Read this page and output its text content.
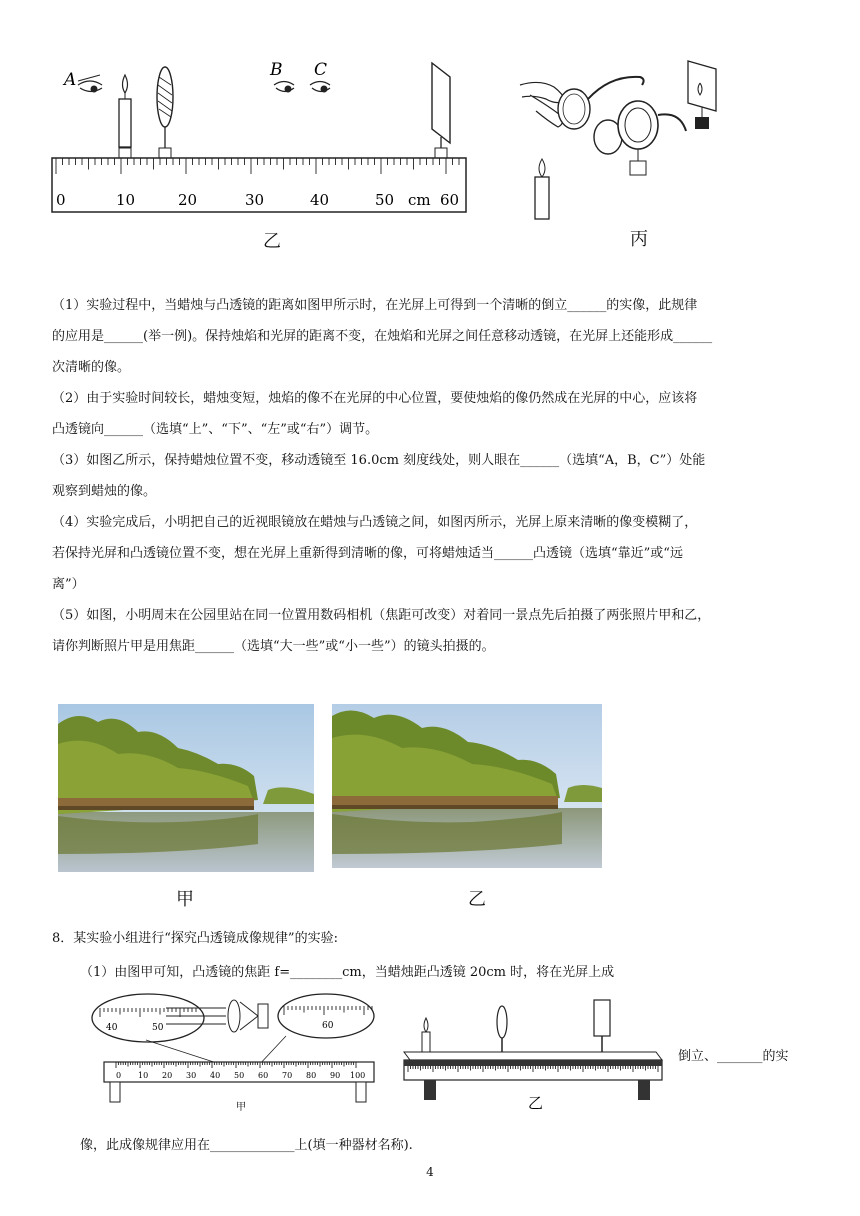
A	B C
0	10	20	30	40	50 cm 60
乙	丙
（1）实验过程中，当蜡烛与凸透镜的距离如图甲所示时，在光屏上可得到一个清晰的倒立______的实像，此规律
的应用是______(举一例)。保持烛焰和光屏的距离不变，在烛焰和光屏之间任意移动透镜，在光屏上还能形成______
次清晰的像。
（2）由于实验时间较长，蜡烛变短，烛焰的像不在光屏的中心位置，要使烛焰的像仍然成在光屏的中心，应该将
凸透镜向______（选填“上”、“下”、“左”或“右”）调节。
（3）如图乙所示，保持蜡烛位置不变，移动透镜至 16.0cm 刻度线处，则人眼在______（选填“A，B，C”）处能
观察到蜡烛的像。
（4）实验完成后，小明把自己的近视眼镜放在蜡烛与凸透镜之间，如图丙所示，光屏上原来清晰的像变模糊了，
若保持光屏和凸透镜位置不变，想在光屏上重新得到清晰的像，可将蜡烛适当______凸透镜（选填“靠近”或“远
离”）
（5）如图，小明周末在公园里站在同一位置用数码相机（焦距可改变）对着同一景点先后拍摄了两张照片甲和乙，
请你判断照片甲是用焦距______（选填“大一些”或“小一些”）的镜头拍摄的。
甲	乙
8．某实验小组进行“探究凸透镜成像规律”的实验:
（1）由图甲可知，凸透镜的焦距 f=________cm，当蜡烛距凸透镜 20cm 时，将在光屏上成
40	50	60
0 10 20 30 40 50 60 70 80 90 100
甲	乙
倒立、_______的实
像，此成像规律应用在_____________上(填一种器材名称).
4
